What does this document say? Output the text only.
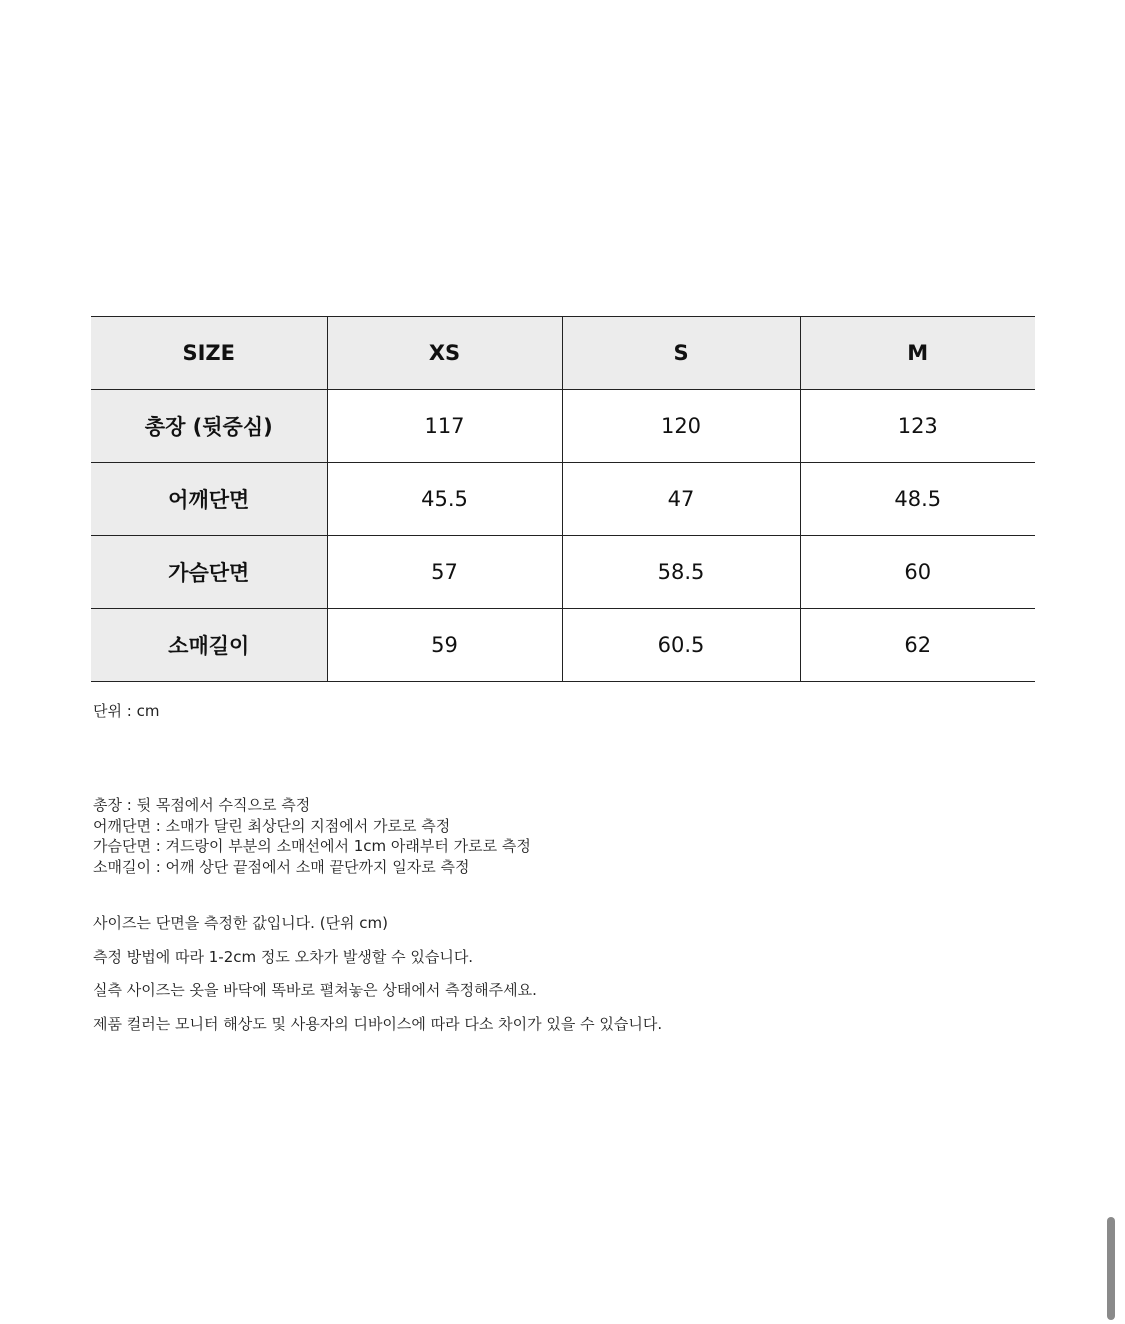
SIZE	XS	S	M
총장 (뒷중심)	117	120	123
어깨단면	45.5	47	48.5
가슴단면	57	58.5	60
소매길이	59	60.5	62
단위 : cm
총장 : 뒷 목점에서 수직으로 측정
어깨단면 : 소매가 달린 최상단의 지점에서 가로로 측정
가슴단면 : 겨드랑이 부분의 소매선에서 1cm 아래부터 가로로 측정
소매길이 : 어깨 상단 끝점에서 소매 끝단까지 일자로 측정
사이즈는 단면을 측정한 값입니다. (단위 cm)
측정 방법에 따라 1-2cm 정도 오차가 발생할 수 있습니다.
실측 사이즈는 옷을 바닥에 똑바로 펼쳐놓은 상태에서 측정해주세요.
제품 컬러는 모니터 해상도 및 사용자의 디바이스에 따라 다소 차이가 있을 수 있습니다.
